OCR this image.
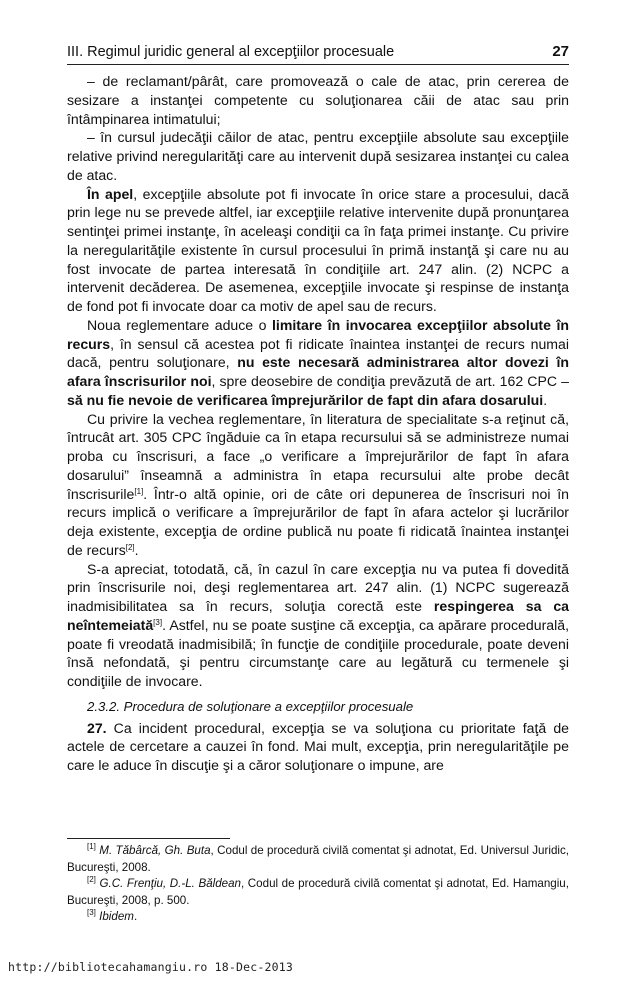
III. Regimul juridic general al excepţiilor procesuale	27

– de reclamant/pârât, care promovează o cale de atac, prin cererea de sesizare a instanţei competente cu soluţionarea căii de atac sau prin întâmpinarea intimatului;

– în cursul judecăţii căilor de atac, pentru excepţiile absolute sau excepţiile relative privind neregularităţi care au intervenit după sesizarea instanţei cu calea de atac.

În apel, excepţiile absolute pot fi invocate în orice stare a procesului, dacă prin lege nu se prevede altfel, iar excepţiile relative intervenite după pronunţarea sentinţei primei instanţe, în aceleaşi condiţii ca în faţa primei instanţe. Cu privire la neregularităţile existente în cursul procesului în primă instanţă şi care nu au fost invocate de partea interesată în condiţiile art. 247 alin. (2) NCPC a intervenit decăderea. De asemenea, excepţiile invocate şi respinse de instanţa de fond pot fi invocate doar ca motiv de apel sau de recurs.

Noua reglementare aduce o limitare în invocarea excepţiilor absolute în recurs, în sensul că acestea pot fi ridicate înaintea instanţei de recurs numai dacă, pentru soluţionare, nu este necesară administrarea altor dovezi în afara înscrisurilor noi, spre deosebire de condiţia prevăzută de art. 162 CPC – să nu fie nevoie de verificarea împrejurărilor de fapt din afara dosarului.

Cu privire la vechea reglementare, în literatura de specialitate s-a reţinut că, întrucât art. 305 CPC îngăduie ca în etapa recursului să se administreze numai proba cu înscrisuri, a face „o verificare a împrejurărilor de fapt în afara dosarului” înseamnă a administra în etapa recursului alte probe decât înscrisurile[1]. Într-o altă opinie, ori de câte ori depunerea de înscrisuri noi în recurs implică o verificare a împrejurărilor de fapt în afara actelor şi lucrărilor deja existente, excepţia de ordine publică nu poate fi ridicată înaintea instanţei de recurs[2].

S-a apreciat, totodată, că, în cazul în care excepţia nu va putea fi dovedită prin înscrisurile noi, deşi reglementarea art. 247 alin. (1) NCPC sugerează inadmisibilitatea sa în recurs, soluţia corectă este respingerea sa ca neîntemeiată[3]. Astfel, nu se poate susţine că excepţia, ca apărare procedurală, poate fi vreodată inadmisibilă; în funcţie de condiţiile procedurale, poate deveni însă nefondată, şi pentru circumstanţe care au legătură cu termenele şi condiţiile de invocare.

2.3.2. Procedura de soluţionare a excepţiilor procesuale

27. Ca incident procedural, excepţia se va soluţiona cu prioritate faţă de actele de cercetare a cauzei în fond. Mai mult, excepţia, prin neregularităţile pe care le aduce în discuţie şi a căror soluţionare o impune, are

[1] M. Tăbârcă, Gh. Buta, Codul de procedură civilă comentat şi adnotat, Ed. Universul Juridic, Bucureşti, 2008.

[2] G.C. Frenţiu, D.-L. Băldean, Codul de procedură civilă comentat şi adnotat, Ed. Hamangiu, Bucureşti, 2008, p. 500.

[3] Ibidem.

http://bibliotecahamangiu.ro 18-Dec-2013
